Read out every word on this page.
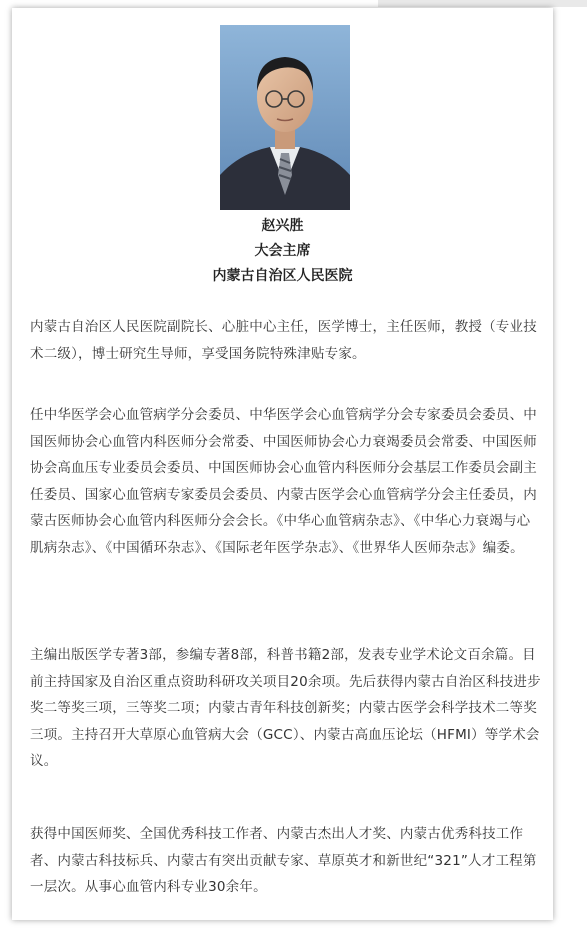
赵兴胜
大会主席
内蒙古自治区人民医院

内蒙古自治区人民医院副院长、心脏中心主任，医学博士，主任医师，教授（专业技术二级），博士研究生导师，享受国务院特殊津贴专家。

任中华医学会心血管病学分会委员、中华医学会心血管病学分会专家委员会委员、中国医师协会心血管内科医师分会常委、中国医师协会心力衰竭委员会常委、中国医师协会高血压专业委员会委员、中国医师协会心血管内科医师分会基层工作委员会副主任委员、国家心血管病专家委员会委员、内蒙古医学会心血管病学分会主任委员，内蒙古医师协会心血管内科医师分会会长。《中华心血管病杂志》、《中华心力衰竭与心肌病杂志》、《中国循环杂志》、《国际老年医学杂志》、《世界华人医师杂志》编委。

主编出版医学专著3部，参编专著8部，科普书籍2部，发表专业学术论文百余篇。目前主持国家及自治区重点资助科研攻关项目20余项。先后获得内蒙古自治区科技进步奖二等奖三项，三等奖二项；内蒙古青年科技创新奖；内蒙古医学会科学技术二等奖三项。主持召开大草原心血管病大会（GCC）、内蒙古高血压论坛（HFMI）等学术会议。

获得中国医师奖、全国优秀科技工作者、内蒙古杰出人才奖、内蒙古优秀科技工作者、内蒙古科技标兵、内蒙古有突出贡献专家、草原英才和新世纪“321”人才工程第一层次。从事心血管内科专业30余年。
